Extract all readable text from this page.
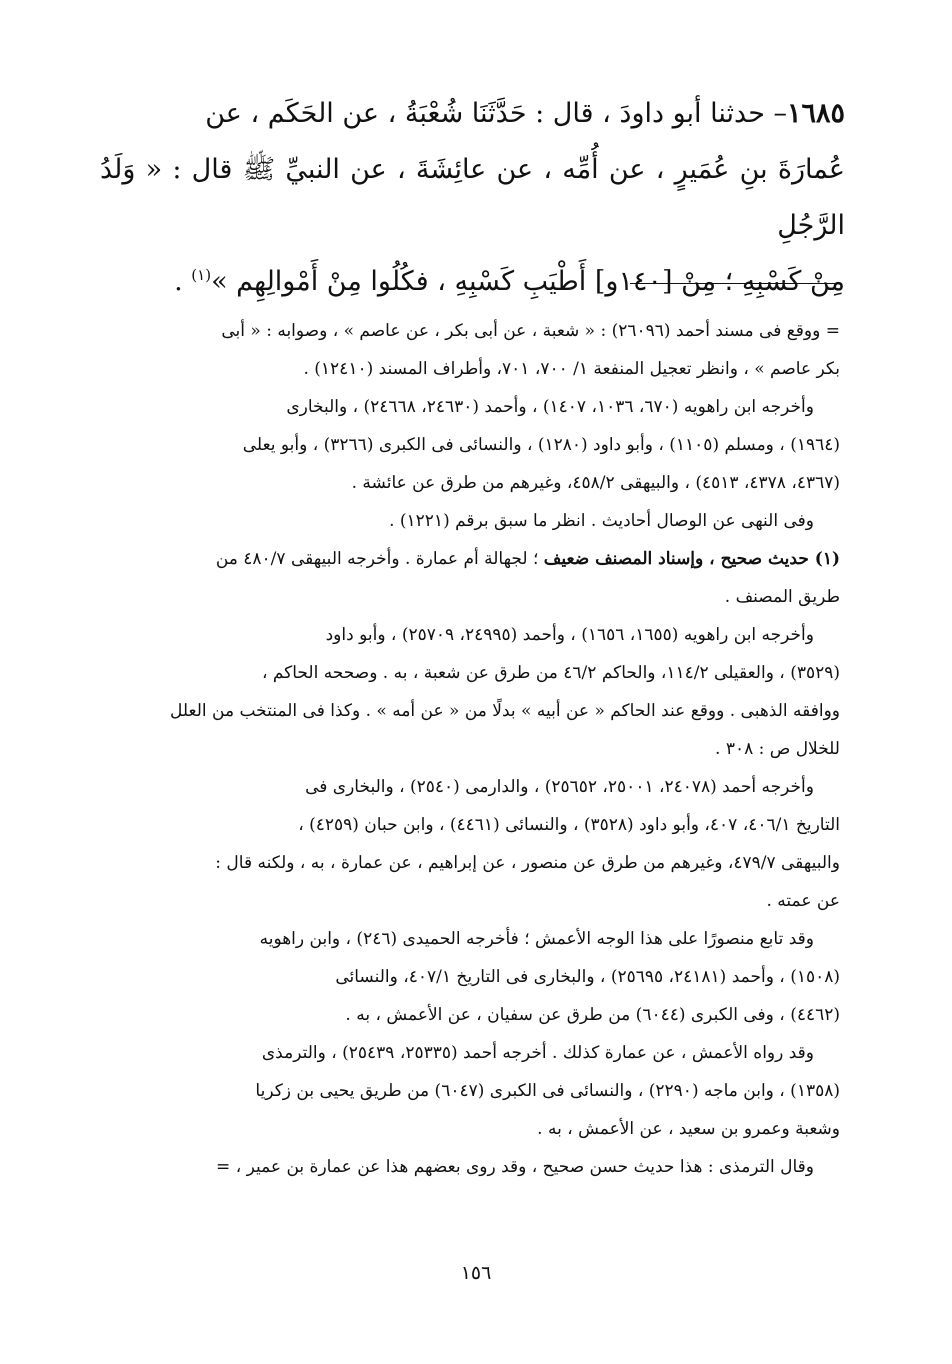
١٦٨٥– حدثنا أبو داودَ ، قال : حَدَّثَنَا شُعْبَةُ ، عن الحَكَم ، عن
عُمارَةَ بنِ عُمَيرٍ ، عن أُمِّه ، عن عائِشَةَ ، عن النبيِّ ﷺ قال : « وَلَدُ الرَّجُلِ
مِنْ كَسْبِهِ ؛ مِنْ [١٤٠و] أَطْيَبِ كَسْبِهِ ، فكُلُوا مِنْ أَمْوالِهِم »$^{(١)}$ .
= ووقع فى مسند أحمد (٢٦٠٩٦) : « شعبة ، عن أبى بكر ، عن عاصم » ، وصوابه : « أبى
بكر عاصم » ، وانظر تعجيل المنفعة ١/ ٧٠٠، ٧٠١، وأطراف المسند (١٢٤١٠) .
وأخرجه ابن راهويه (٦٧٠، ١٠٣٦، ١٤٠٧) ، وأحمد (٢٤٦٣٠، ٢٤٦٦٨) ، والبخارى
(١٩٦٤) ، ومسلم (١١٠٥) ، وأبو داود (١٢٨٠) ، والنسائى فى الكبرى (٣٢٦٦) ، وأبو يعلى
(٤٣٦٧، ٤٣٧٨، ٤٥١٣) ، والبيهقى ٤٥٨/٢، وغيرهم من طرق عن عائشة .
وفى النهى عن الوصال أحاديث . انظر ما سبق برقم (١٢٢١) .
(١) حديث صحيح ، وإسناد المصنف ضعيف ؛ لجهالة أم عمارة . وأخرجه البيهقى ٤٨٠/٧ من
طريق المصنف .
وأخرجه ابن راهويه (١٦٥٥، ١٦٥٦) ، وأحمد (٢٤٩٩٥، ٢٥٧٠٩) ، وأبو داود
(٣٥٢٩) ، والعقيلى ١١٤/٢، والحاكم ٤٦/٢ من طرق عن شعبة ، به . وصححه الحاكم ،
ووافقه الذهبى . ووقع عند الحاكم « عن أبيه » بدلًا من « عن أمه » . وكذا فى المنتخب من العلل
للخلال ص : ٣٠٨ .
وأخرجه أحمد (٢٤٠٧٨، ٢٥٠٠١، ٢٥٦٥٢) ، والدارمى (٢٥٤٠) ، والبخارى فى
التاريخ ٤٠٦/١، ٤٠٧، وأبو داود (٣٥٢٨) ، والنسائى (٤٤٦١) ، وابن حبان (٤٢٥٩) ،
والبيهقى ٤٧٩/٧، وغيرهم من طرق عن منصور ، عن إبراهيم ، عن عمارة ، به ، ولكنه قال :
عن عمته .
وقد تابع منصورًا على هذا الوجه الأعمش ؛ فأخرجه الحميدى (٢٤٦) ، وابن راهويه
(١٥٠٨) ، وأحمد (٢٤١٨١، ٢٥٦٩٥) ، والبخارى فى التاريخ ٤٠٧/١، والنسائى
(٤٤٦٢) ، وفى الكبرى (٦٠٤٤) من طرق عن سفيان ، عن الأعمش ، به .
وقد رواه الأعمش ، عن عمارة كذلك . أخرجه أحمد (٢٥٣٣٥، ٢٥٤٣٩) ، والترمذى
(١٣٥٨) ، وابن ماجه (٢٢٩٠) ، والنسائى فى الكبرى (٦٠٤٧) من طريق يحيى بن زكريا
وشعبة وعمرو بن سعيد ، عن الأعمش ، به .
وقال الترمذى : هذا حديث حسن صحيح ، وقد روى بعضهم هذا عن عمارة بن عمير ، =
١٥٦
